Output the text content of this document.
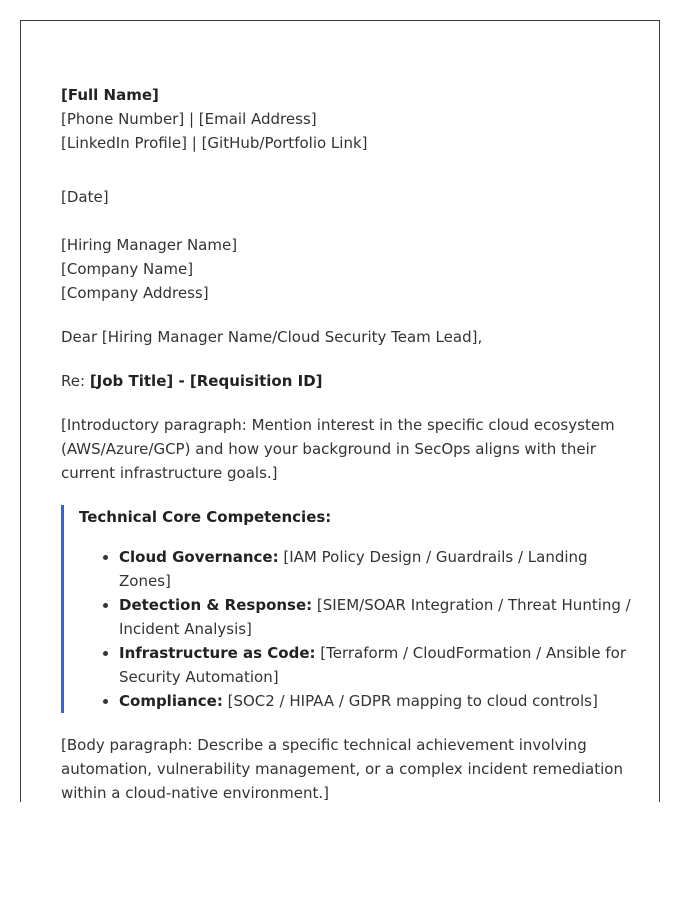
[Full Name]
[Phone Number] | [Email Address]
[LinkedIn Profile] | [GitHub/Portfolio Link]
[Date]
[Hiring Manager Name]
[Company Name]
[Company Address]
Dear [Hiring Manager Name/Cloud Security Team Lead],
Re: [Job Title] - [Requisition ID]
[Introductory paragraph: Mention interest in the specific cloud ecosystem (AWS/Azure/GCP) and how your background in SecOps aligns with their current infrastructure goals.]
Technical Core Competencies:
• Cloud Governance: [IAM Policy Design / Guardrails / Landing Zones]
• Detection & Response: [SIEM/SOAR Integration / Threat Hunting / Incident Analysis]
• Infrastructure as Code: [Terraform / CloudFormation / Ansible for Security Automation]
• Compliance: [SOC2 / HIPAA / GDPR mapping to cloud controls]
[Body paragraph: Describe a specific technical achievement involving automation, vulnerability management, or a complex incident remediation within a cloud-native environment.]
